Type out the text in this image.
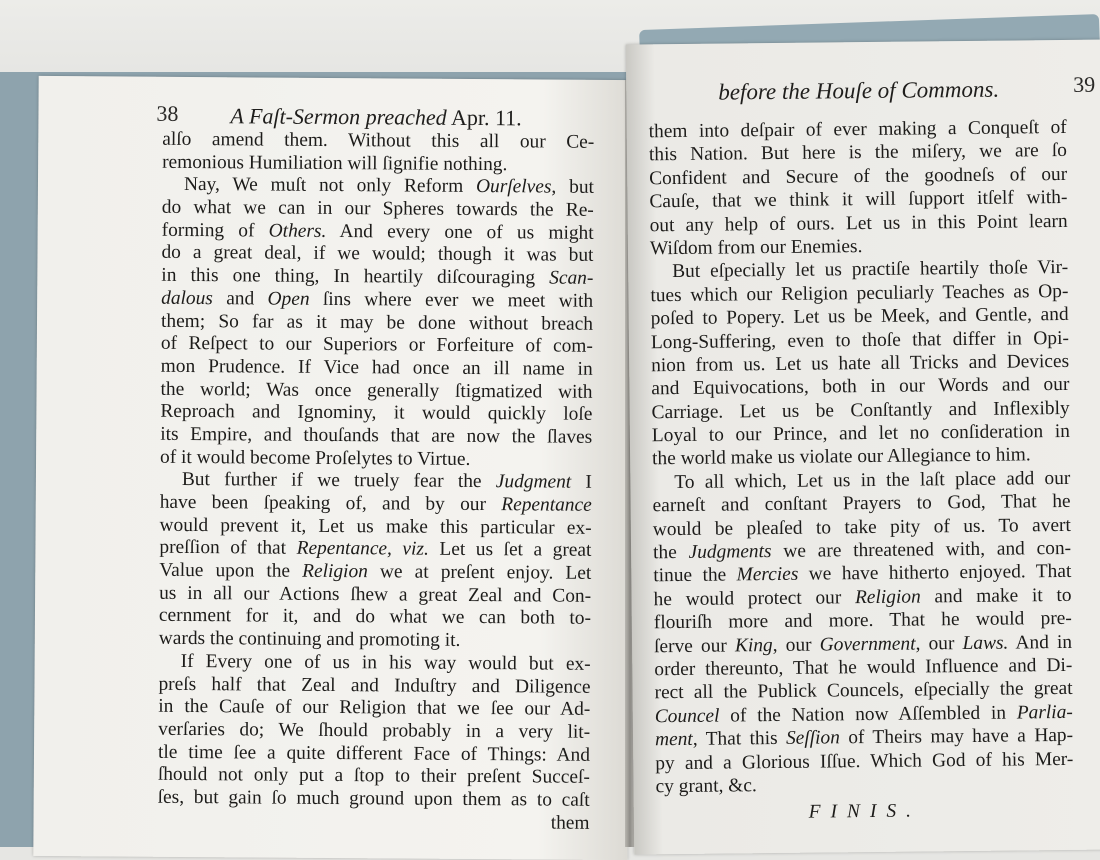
38 A Faſt-Sermon preached Apr. 11.
alſo amend them. Without this all our Ce-
remonious Humiliation will ſignifie nothing.
Nay, We muſt not only Reform Ourſelves, but
do what we can in our Spheres towards the Re-
forming of Others. And every one of us might
do a great deal, if we would; though it was but
in this one thing, In heartily diſcouraging Scan-
dalous and Open ſins where ever we meet with
them; So far as it may be done without breach
of Reſpect to our Superiors or Forfeiture of com-
mon Prudence. If Vice had once an ill name in
the world; Was once generally ſtigmatized with
Reproach and Ignominy, it would quickly loſe
its Empire, and thouſands that are now the ſlaves
of it would become Proſelytes to Virtue.
But further if we truely fear the Judgment I
have been ſpeaking of, and by our Repentance
would prevent it, Let us make this particular ex-
preſſion of that Repentance, viz. Let us ſet a great
Value upon the Religion we at preſent enjoy. Let
us in all our Actions ſhew a great Zeal and Con-
cernment for it, and do what we can both to-
wards the continuing and promoting it.
If Every one of us in his way would but ex-
preſs half that Zeal and Induſtry and Diligence
in the Cauſe of our Religion that we ſee our Ad-
verſaries do; We ſhould probably in a very lit-
tle time ſee a quite different Face of Things: And
ſhould not only put a ſtop to their preſent Succeſ-
ſes, but gain ſo much ground upon them as to caſt
them
before the Houſe of Commons.	39
them into deſpair of ever making a Conqueſt of
this Nation. But here is the miſery, we are ſo
Confident and Secure of the goodneſs of our
Cauſe, that we think it will ſupport itſelf with-
out any help of ours. Let us in this Point learn
Wiſdom from our Enemies.
But eſpecially let us practiſe heartily thoſe Vir-
tues which our Religion peculiarly Teaches as Op-
poſed to Popery. Let us be Meek, and Gentle, and
Long-Suffering, even to thoſe that differ in Opi-
nion from us. Let us hate all Tricks and Devices
and Equivocations, both in our Words and our
Carriage. Let us be Conſtantly and Inflexibly
Loyal to our Prince, and let no conſideration in
the world make us violate our Allegiance to him.
To all which, Let us in the laſt place add our
earneſt and conſtant Prayers to God, That he
would be pleaſed to take pity of us. To avert
the Judgments we are threatened with, and con-
tinue the Mercies we have hitherto enjoyed. That
he would protect our Religion and make it to
flouriſh more and more. That he would pre-
ſerve our King, our Government, our Laws. And in
order thereunto, That he would Influence and Di-
rect all the Publick Councels, eſpecially the great
Councel of the Nation now Aſſembled in Parlia-
ment, That this Seſſion of Theirs may have a Hap-
py and a Glorious Iſſue. Which God of his Mer-
cy grant, &c.
FINIS.
